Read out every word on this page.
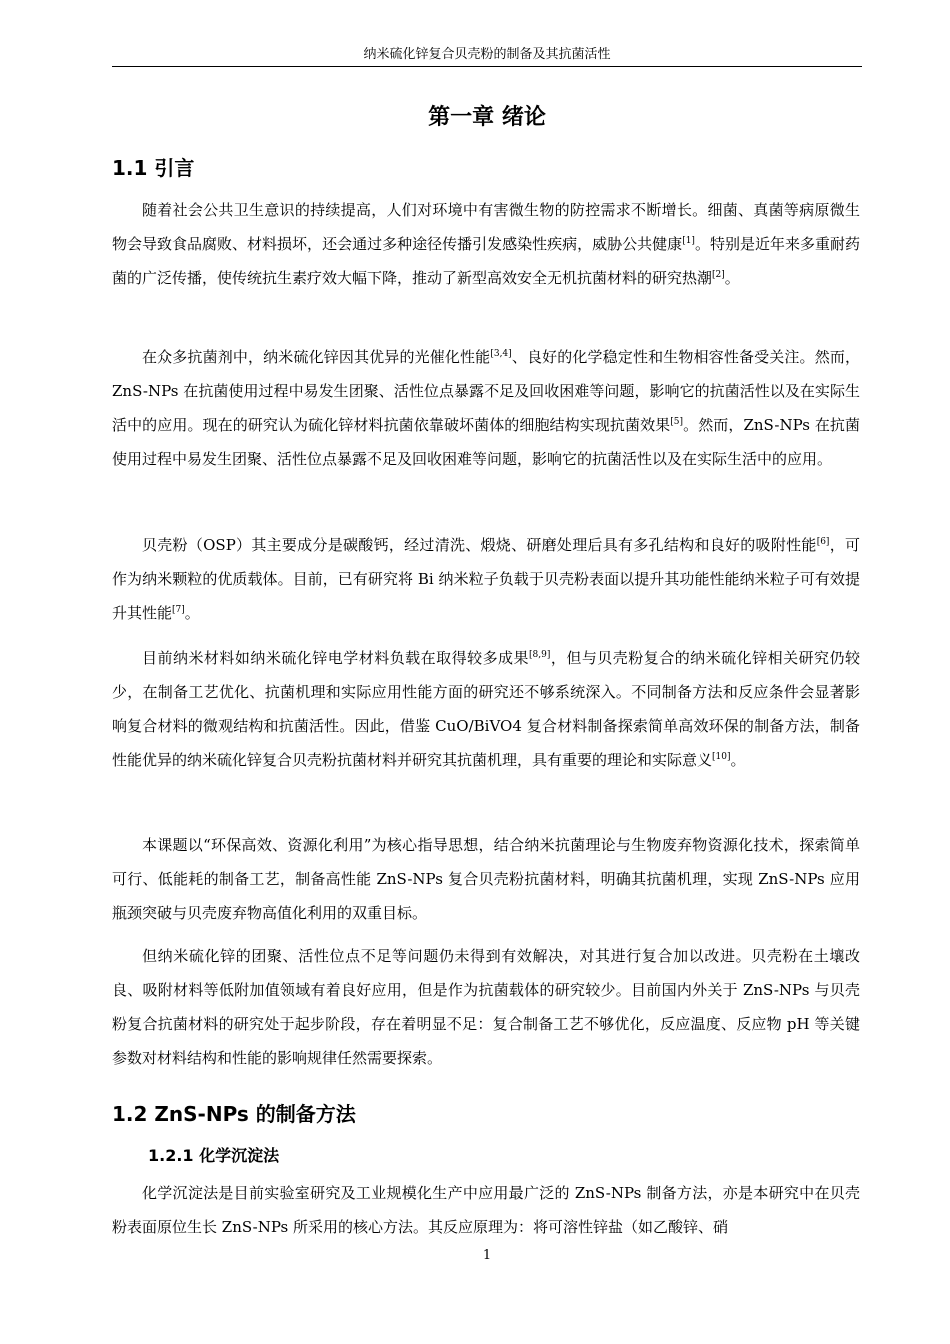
纳米硫化锌复合贝壳粉的制备及其抗菌活性
第一章 绪论
1.1 引言
随着社会公共卫生意识的持续提高，人们对环境中有害微生物的防控需求不断增长。细菌、真菌等病原微生物会导致食品腐败、材料损坏，还会通过多种途径传播引发感染性疾病，威胁公共健康[1]。特别是近年来多重耐药菌的广泛传播，使传统抗生素疗效大幅下降，推动了新型高效安全无机抗菌材料的研究热潮[2]。
在众多抗菌剂中，纳米硫化锌因其优异的光催化性能[3,4]、良好的化学稳定性和生物相容性备受关注。然而，ZnS-NPs 在抗菌使用过程中易发生团聚、活性位点暴露不足及回收困难等问题，影响它的抗菌活性以及在实际生活中的应用。现在的研究认为硫化锌材料抗菌依靠破坏菌体的细胞结构实现抗菌效果[5]。然而，ZnS-NPs 在抗菌使用过程中易发生团聚、活性位点暴露不足及回收困难等问题，影响它的抗菌活性以及在实际生活中的应用。
贝壳粉（OSP）其主要成分是碳酸钙，经过清洗、煅烧、研磨处理后具有多孔结构和良好的吸附性能[6]，可作为纳米颗粒的优质载体。目前，已有研究将 Bi 纳米粒子负载于贝壳粉表面以提升其功能性能纳米粒子可有效提升其性能[7]。
目前纳米材料如纳米硫化锌电学材料负载在取得较多成果[8,9]，但与贝壳粉复合的纳米硫化锌相关研究仍较少，在制备工艺优化、抗菌机理和实际应用性能方面的研究还不够系统深入。不同制备方法和反应条件会显著影响复合材料的微观结构和抗菌活性。因此，借鉴 CuO/BiVO4 复合材料制备探索简单高效环保的制备方法，制备性能优异的纳米硫化锌复合贝壳粉抗菌材料并研究其抗菌机理，具有重要的理论和实际意义[10]。
本课题以“环保高效、资源化利用”为核心指导思想，结合纳米抗菌理论与生物废弃物资源化技术，探索简单可行、低能耗的制备工艺，制备高性能 ZnS-NPs 复合贝壳粉抗菌材料，明确其抗菌机理，实现 ZnS-NPs 应用瓶颈突破与贝壳废弃物高值化利用的双重目标。
但纳米硫化锌的团聚、活性位点不足等问题仍未得到有效解决，对其进行复合加以改进。贝壳粉在土壤改良、吸附材料等低附加值领域有着良好应用，但是作为抗菌载体的研究较少。目前国内外关于 ZnS-NPs 与贝壳粉复合抗菌材料的研究处于起步阶段，存在着明显不足：复合制备工艺不够优化，反应温度、反应物 pH 等关键参数对材料结构和性能的影响规律任然需要探索。
1.2 ZnS-NPs 的制备方法
1.2.1 化学沉淀法
化学沉淀法是目前实验室研究及工业规模化生产中应用最广泛的 ZnS-NPs 制备方法，亦是本研究中在贝壳粉表面原位生长 ZnS-NPs 所采用的核心方法。其反应原理为：将可溶性锌盐（如乙酸锌、硝
1
